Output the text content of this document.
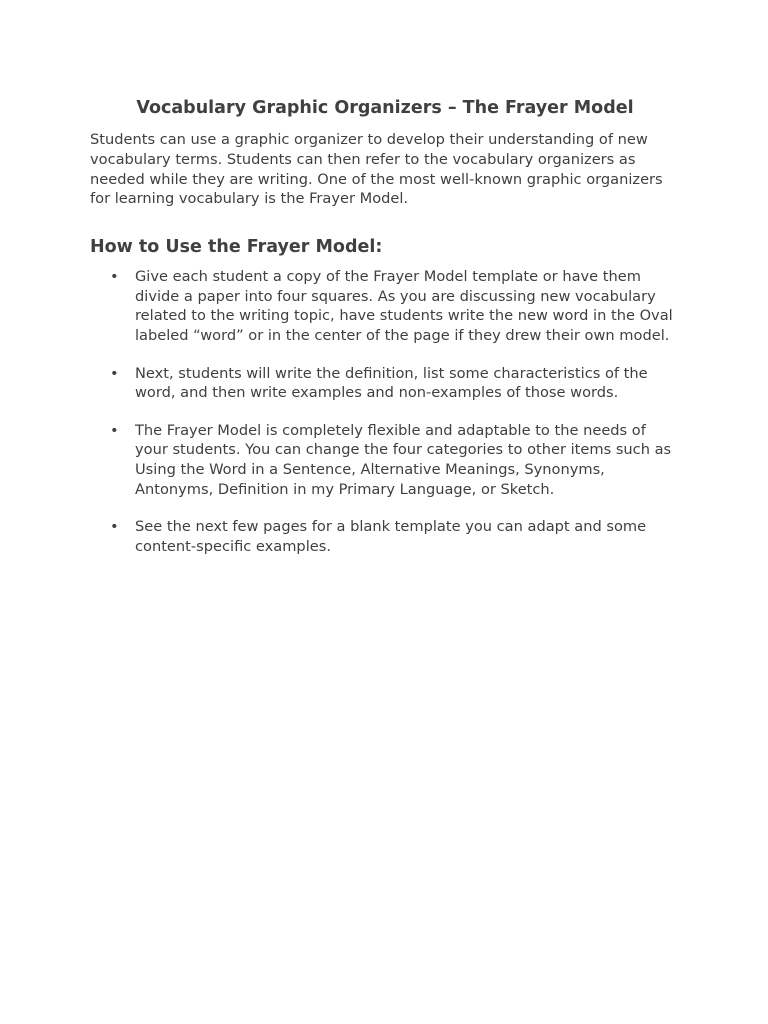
Vocabulary Graphic Organizers – The Frayer Model

Students can use a graphic organizer to develop their understanding of new vocabulary terms. Students can then refer to the vocabulary organizers as needed while they are writing. One of the most well-known graphic organizers for learning vocabulary is the Frayer Model.

How to Use the Frayer Model:
• Give each student a copy of the Frayer Model template or have them divide a paper into four squares. As you are discussing new vocabulary related to the writing topic, have students write the new word in the Oval labeled “word” or in the center of the page if they drew their own model.
• Next, students will write the definition, list some characteristics of the word, and then write examples and non-examples of those words.
• The Frayer Model is completely flexible and adaptable to the needs of your students. You can change the four categories to other items such as Using the Word in a Sentence, Alternative Meanings, Synonyms, Antonyms, Definition in my Primary Language, or Sketch.
• See the next few pages for a blank template you can adapt and some content-specific examples.
